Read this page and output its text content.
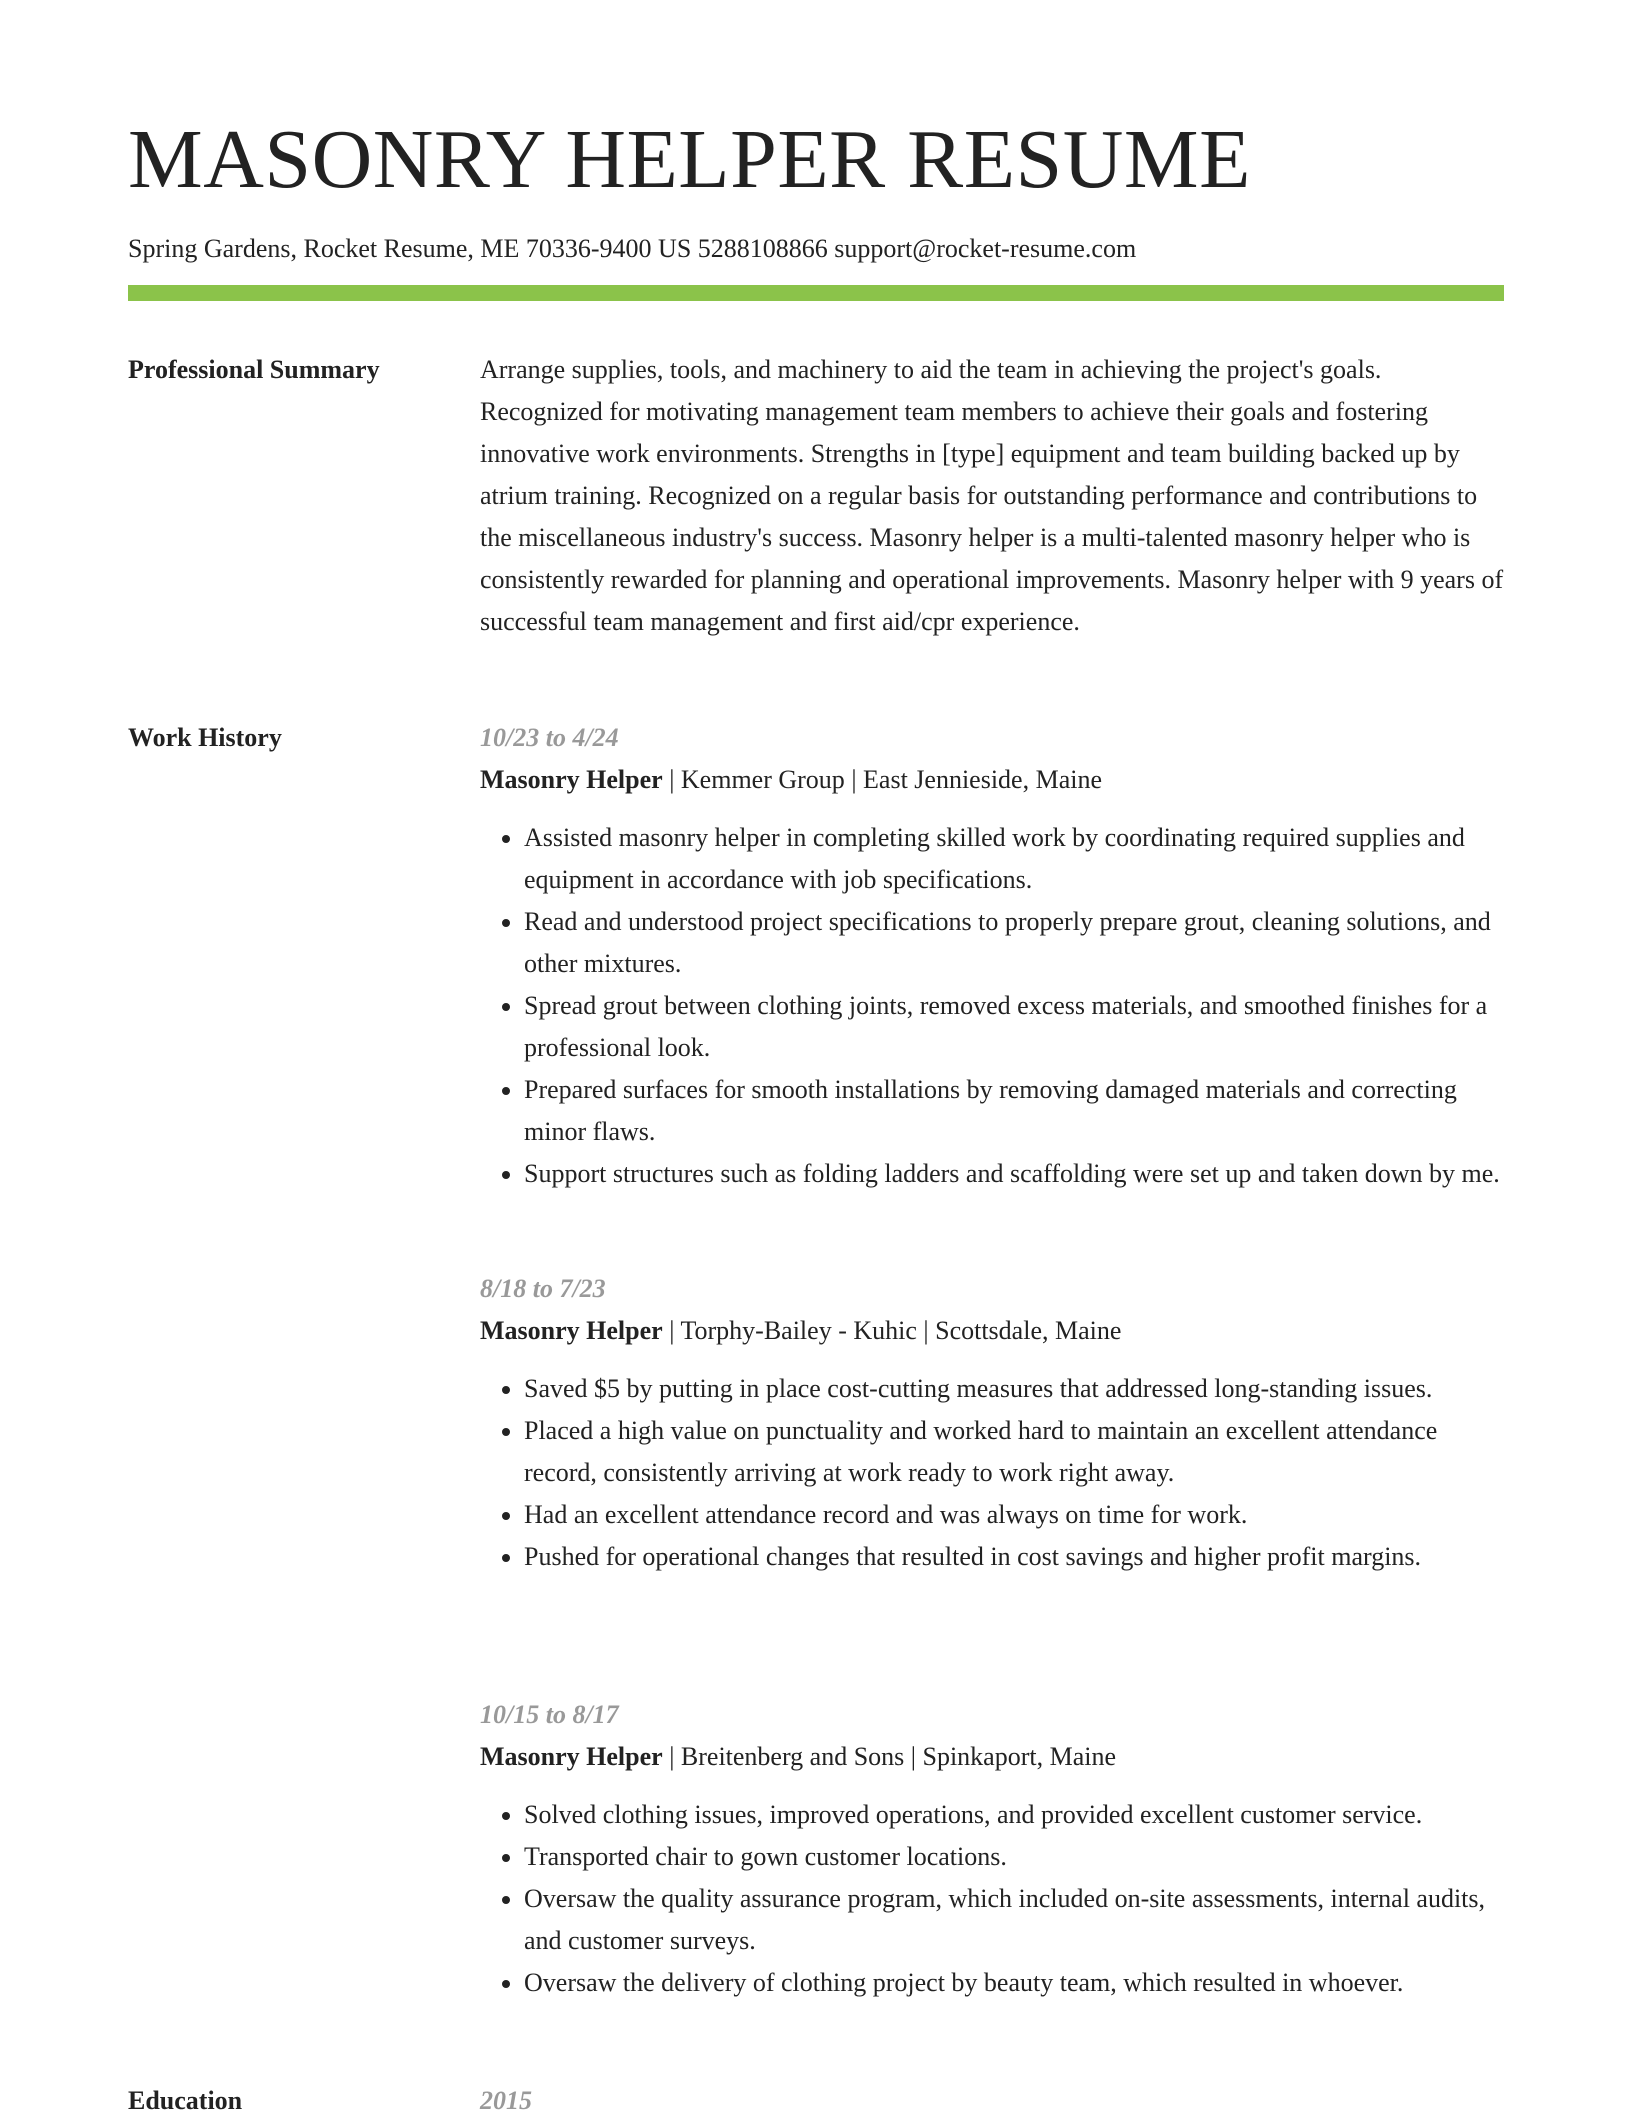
MASONRY HELPER RESUME
Spring Gardens, Rocket Resume, ME 70336-9400 US 5288108866 support@rocket-resume.com
Professional Summary	Arrange supplies, tools, and machinery to aid the team in achieving the project's goals. Recognized for motivating management team members to achieve their goals and fostering innovative work environments. Strengths in [type] equipment and team building backed up by atrium training. Recognized on a regular basis for outstanding performance and contributions to the miscellaneous industry's success. Masonry helper is a multi-talented masonry helper who is consistently rewarded for planning and operational improvements. Masonry helper with 9 years of successful team management and first aid/cpr experience.

Work History	10/23 to 4/24
Masonry Helper | Kemmer Group | East Jennieside, Maine
• Assisted masonry helper in completing skilled work by coordinating required supplies and equipment in accordance with job specifications.
• Read and understood project specifications to properly prepare grout, cleaning solutions, and other mixtures.
• Spread grout between clothing joints, removed excess materials, and smoothed finishes for a professional look.
• Prepared surfaces for smooth installations by removing damaged materials and correcting minor flaws.
• Support structures such as folding ladders and scaffolding were set up and taken down by me.
8/18 to 7/23
Masonry Helper | Torphy-Bailey - Kuhic | Scottsdale, Maine
• Saved $5 by putting in place cost-cutting measures that addressed long-standing issues.
• Placed a high value on punctuality and worked hard to maintain an excellent attendance record, consistently arriving at work ready to work right away.
• Had an excellent attendance record and was always on time for work.
• Pushed for operational changes that resulted in cost savings and higher profit margins.
10/15 to 8/17
Masonry Helper | Breitenberg and Sons | Spinkaport, Maine
• Solved clothing issues, improved operations, and provided excellent customer service.
• Transported chair to gown customer locations.
• Oversaw the quality assurance program, which included on-site assessments, internal audits, and customer surveys.
• Oversaw the delivery of clothing project by beauty team, which resulted in whoever.
Education	2015
